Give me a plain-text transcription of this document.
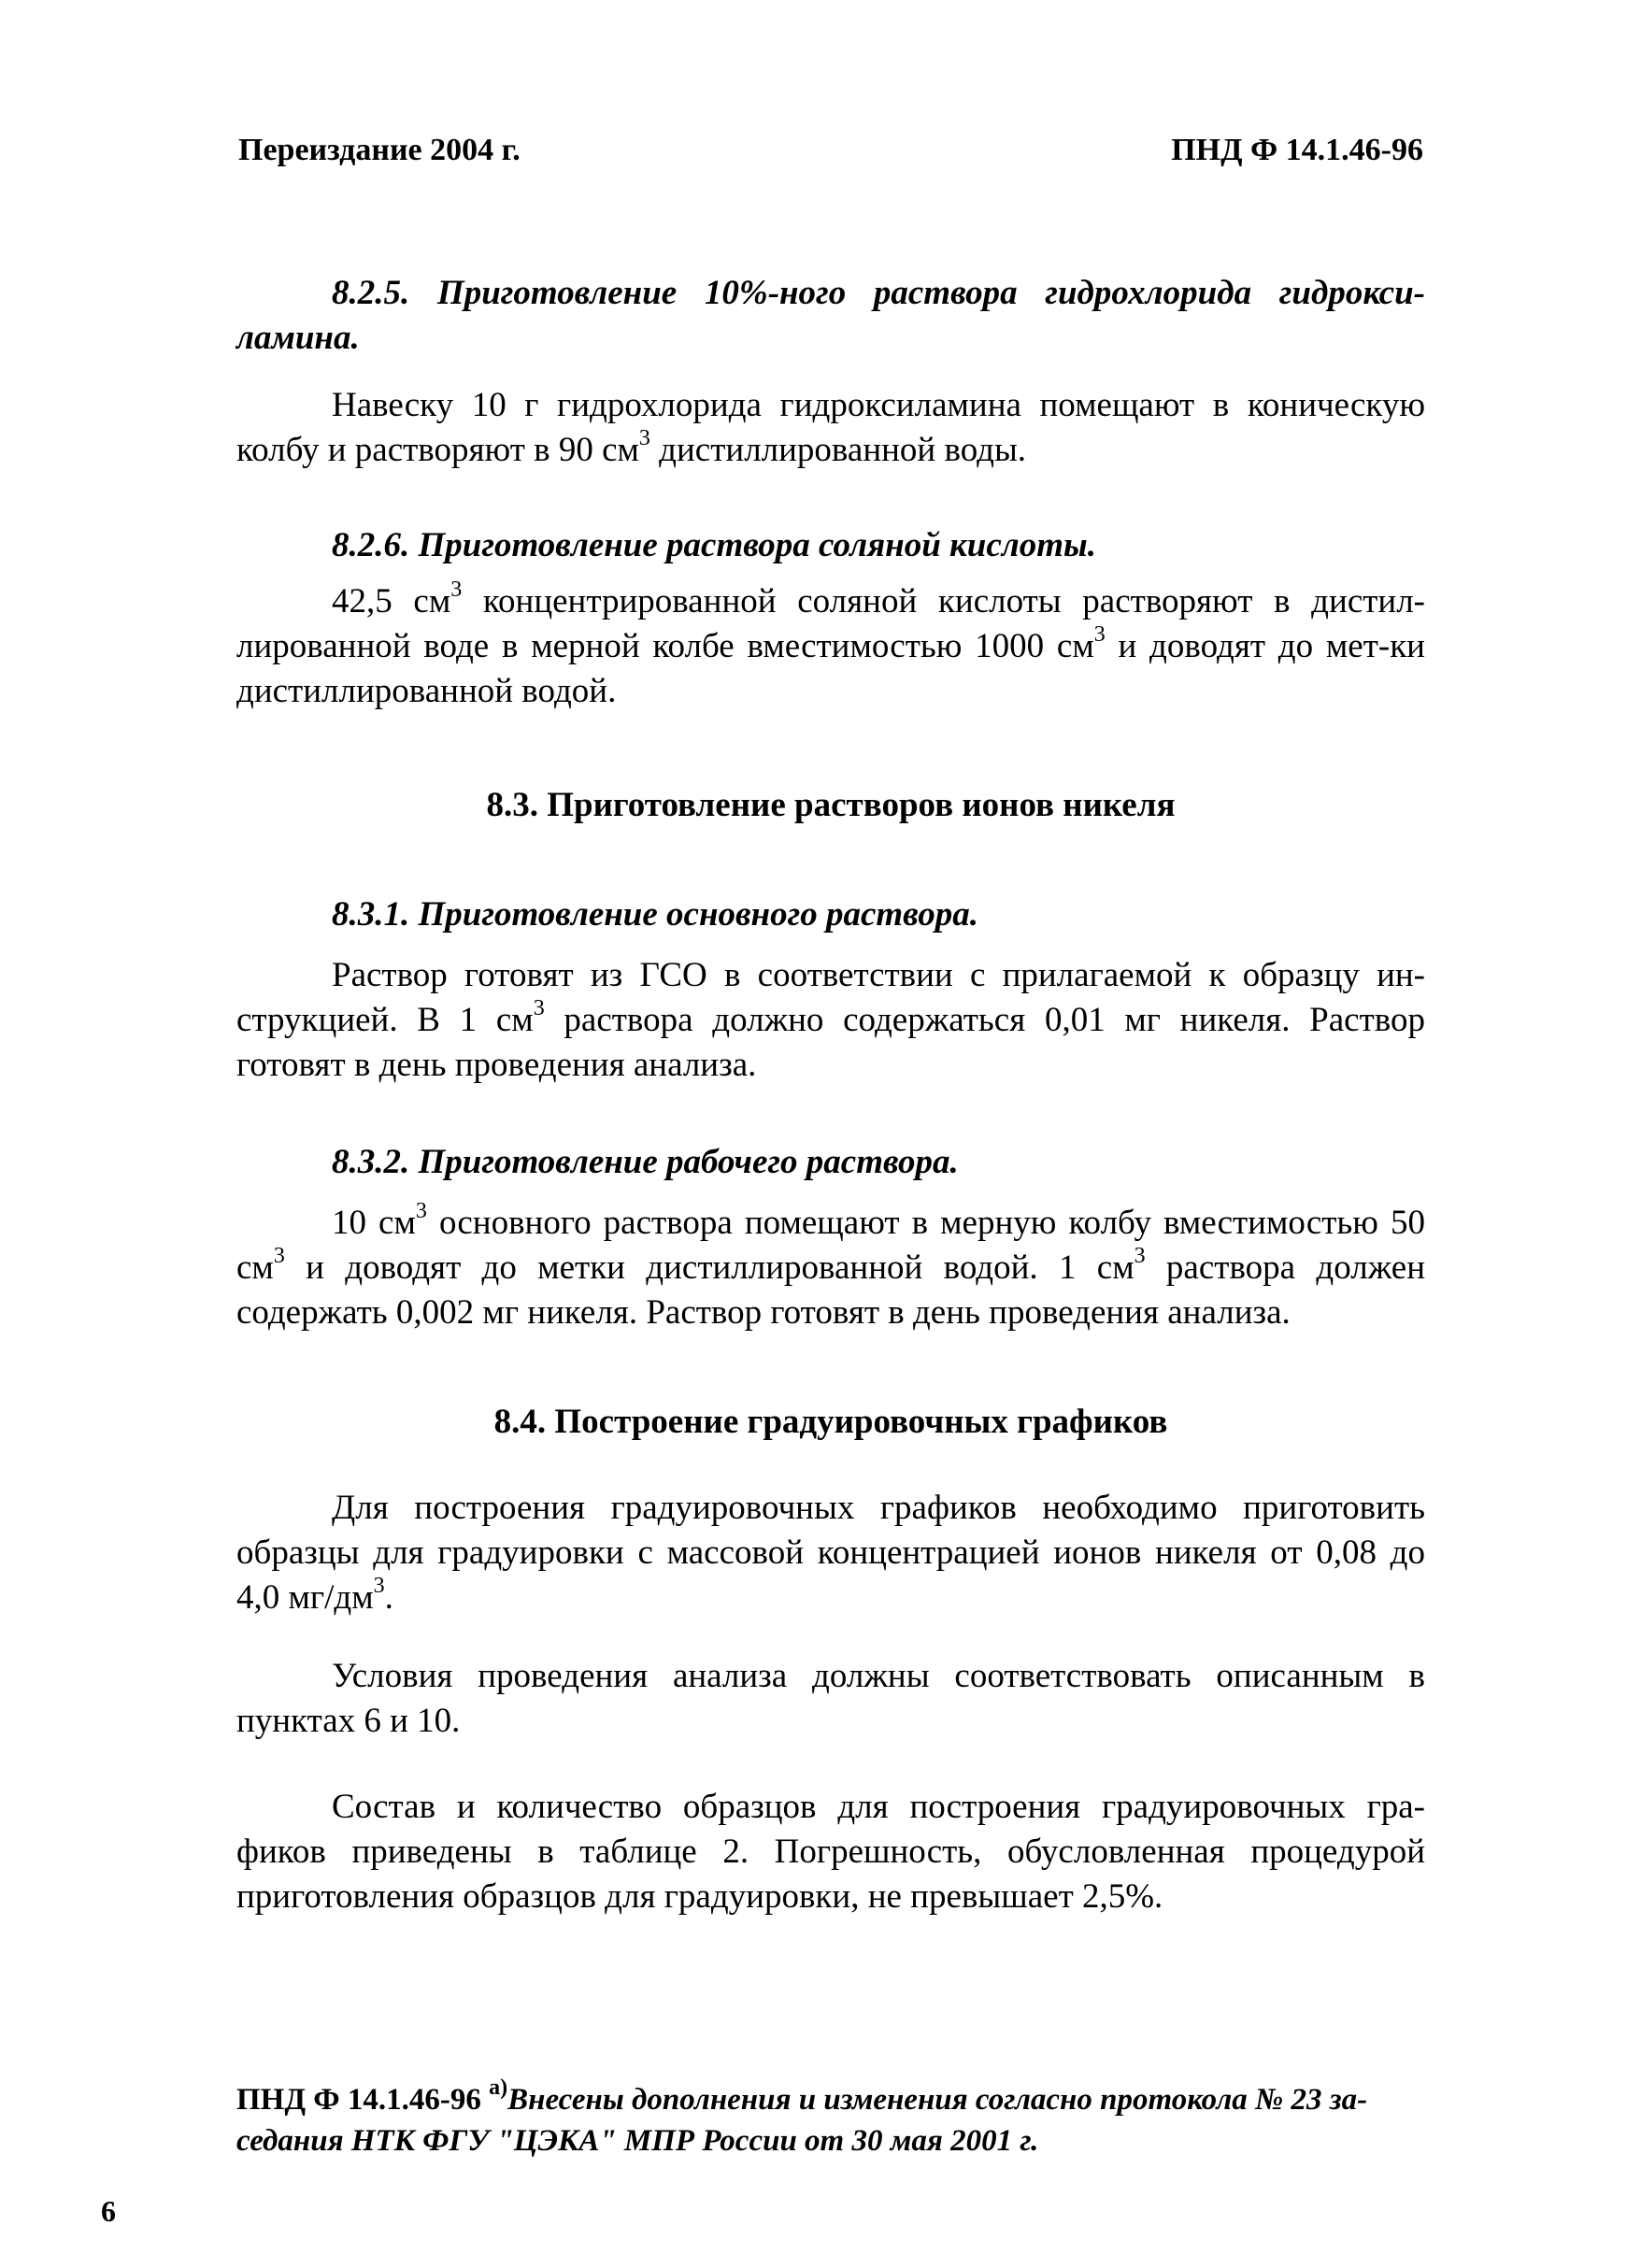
Переиздание 2004 г.	ПНД Ф 14.1.46-96

8.2.5. Приготовление 10%-ного раствора гидрохлорида гидрокси-ламина.

Навеску 10 г гидрохлорида гидроксиламина помещают в коническую колбу и растворяют в 90 $см^3$ дистиллированной воды.

8.2.6. Приготовление раствора соляной кислоты.

42,5 $см^3$ концентрированной соляной кислоты растворяют в дистил-лированной воде в мерной колбе вместимостью 1000 $см^3$ и доводят до мет-ки дистиллированной водой.

8.3. Приготовление растворов ионов никеля

8.3.1. Приготовление основного раствора.

Раствор готовят из ГСО в соответствии с прилагаемой к образцу ин-струкцией. В 1 $см^3$ раствора должно содержаться 0,01 мг никеля. Раствор готовят в день проведения анализа.

8.3.2. Приготовление рабочего раствора.

10 $см^3$ основного раствора помещают в мерную колбу вместимостью 50 $см^3$ и доводят до метки дистиллированной водой. 1 $см^3$ раствора должен содержать 0,002 мг никеля. Раствор готовят в день проведения анализа.

8.4. Построение градуировочных графиков

Для построения градуировочных графиков необходимо приготовить образцы для градуировки с массовой концентрацией ионов никеля от 0,08 до 4,0 $мг/дм^3$.

Условия проведения анализа должны соответствовать описанным в пунктах 6 и 10.

Состав и количество образцов для построения градуировочных гра-фиков приведены в таблице 2. Погрешность, обусловленная процедурой приготовления образцов для градуировки, не превышает 2,5%.

ПНД Ф 14.1.46-96 $^{а)}$Внесены дополнения и изменения согласно протокола № 23 за-седания НТК ФГУ "ЦЭКА" МПР России от 30 мая 2001 г.

6
